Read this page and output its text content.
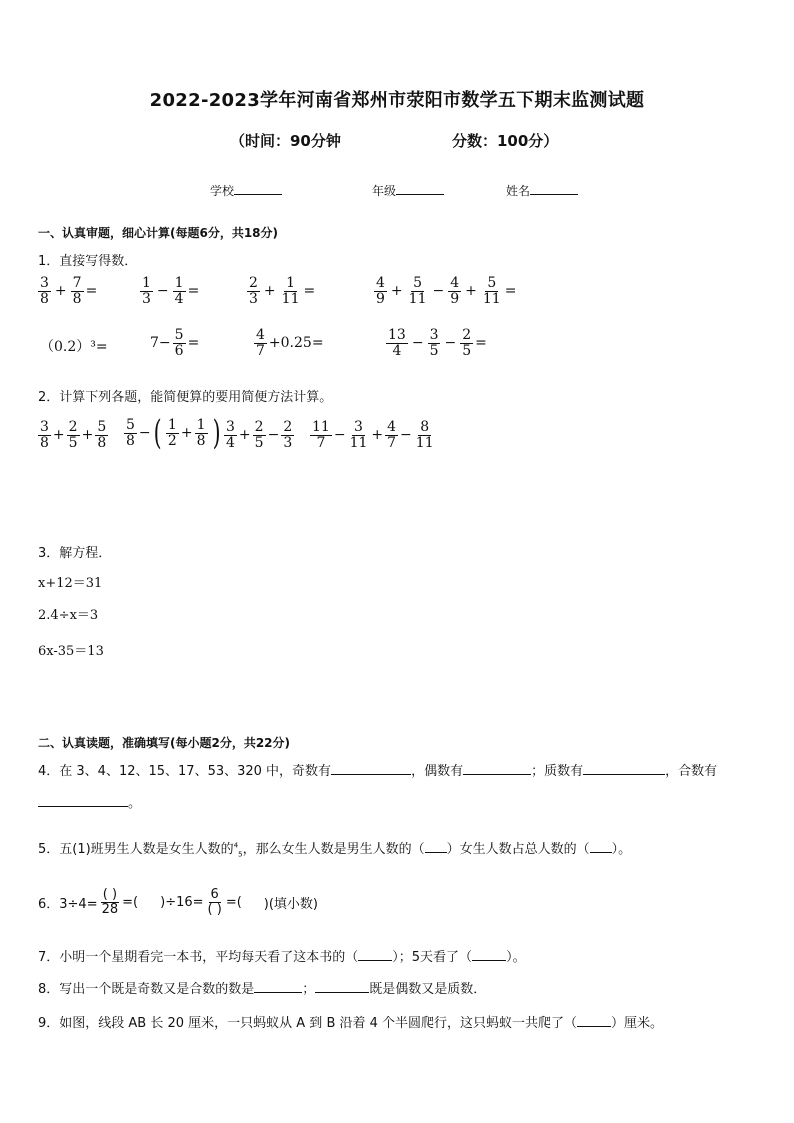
2022-2023学年河南省郑州市荥阳市数学五下期末监测试题
（时间：90分钟	分数：100分）
学校	年级	姓名
一、认真审题，细心计算(每题6分，共18分)
1．直接写得数．
$\frac{3}{8} + \frac{7}{8}$ =	$\frac{1}{3} - \frac{1}{4}$ =	$\frac{2}{3} + \frac{1}{11}$ =	$\frac{4}{9} + \frac{5}{11} - \frac{4}{9} + \frac{5}{11}$ =
（0.2）³=	$7- \frac{5}{6}$ =	$\frac{4}{7} +0.25=$	$\frac{13}{4} - \frac{3}{5} - \frac{2}{5}$ =
2．计算下列各题，能简便算的要用简便方法计算。
$\frac{3}{8} + \frac{2}{5} + \frac{5}{8} \frac{5}{8}$ − ( $\frac{1}{2} + \frac{1}{8}$ ) $\frac{3}{4} + \frac{2}{5} - \frac{2}{3} \frac{11}{7} - \frac{3}{11} + \frac{4}{7} - \frac{8}{11}$
3．解方程．
x+12＝31
2.4÷x＝3
6x-35＝13
二、认真读题，准确填写(每小题2分，共22分)
4．在 3、4、12、15、17、53、320 中，奇数有	，偶数有	；质数有	，合数有
。
5．五(1)班男生人数是女生人数的$^4_5$，那么女生人数是男生人数的（ ）女生人数占总人数的（ ）。
6．$3\div 4= \frac{( )}{28}$ =( )$\div 16= \frac{6}{( )}$ =( )(填小数)
7．小明一个星期看完一本书，平均每天看了这本书的（	）；5天看了（	）。
8．写出一个既是奇数又是合数的数是	；	既是偶数又是质数．
9．如图，线段 AB 长 20 厘米，一只蚂蚁从 A 到 B 沿着 4 个半圆爬行，这只蚂蚁一共爬了（	）厘米。
